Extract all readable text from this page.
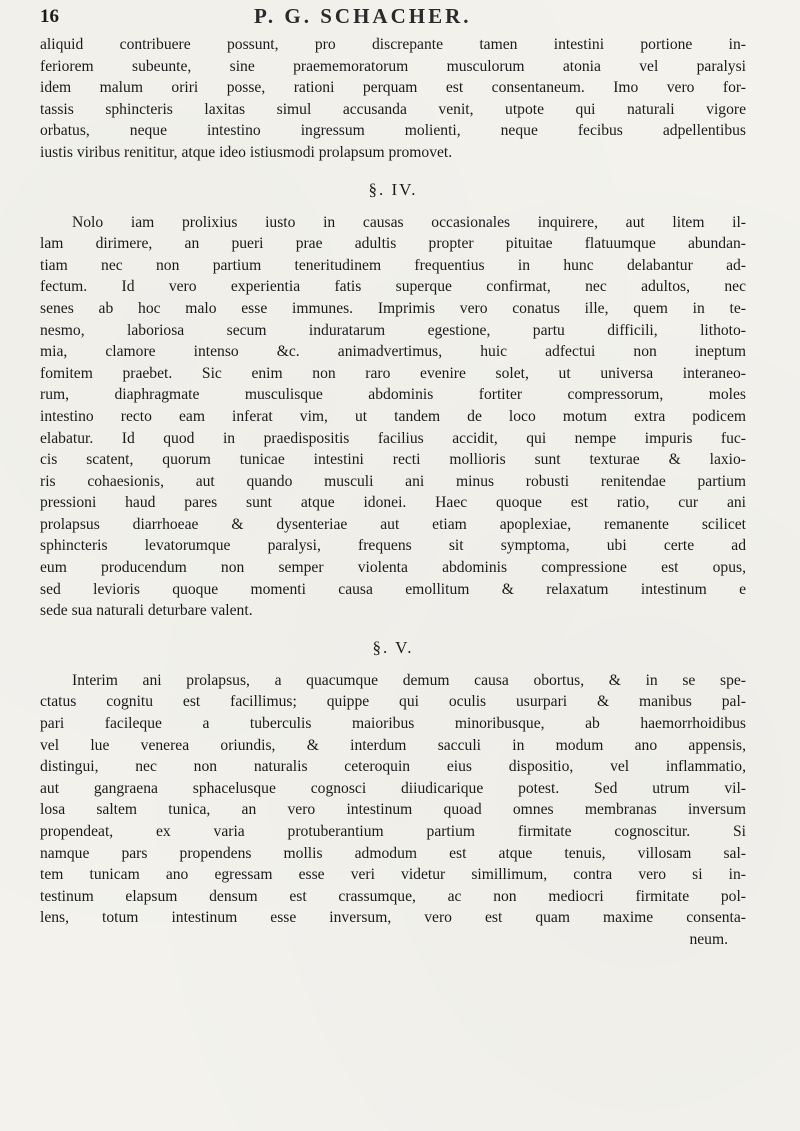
16	P. G. SCHACHER.
aliquid contribuere possunt, pro discrepante tamen intestini portione in-
feriorem subeunte, sine praememoratorum musculorum atonia vel paralysi
idem malum oriri posse, rationi perquam est consentaneum. Imo vero for-
tassis sphincteris laxitas simul accusanda venit, utpote qui naturali vigore
orbatus, neque intestino ingressum molienti, neque fecibus adpellentibus
iustis viribus renititur, atque ideo istiusmodi prolapsum promovet.
§. IV.
Nolo iam prolixius iusto in causas occasionales inquirere, aut litem il-
lam dirimere, an pueri prae adultis propter pituitae flatuumque abundan-
tiam nec non partium teneritudinem frequentius in hunc delabantur ad-
fectum. Id vero experientia fatis superque confirmat, nec adultos, nec
senes ab hoc malo esse immunes. Imprimis vero conatus ille, quem in te-
nesmo, laboriosa secum induratarum egestione, partu difficili, lithoto-
mia, clamore intenso &c. animadvertimus, huic adfectui non ineptum
fomitem praebet. Sic enim non raro evenire solet, ut universa interaneo-
rum, diaphragmate musculisque abdominis fortiter compressorum, moles
intestino recto eam inferat vim, ut tandem de loco motum extra podicem
elabatur. Id quod in praedispositis facilius accidit, qui nempe impuris fuc-
cis scatent, quorum tunicae intestini recti mollioris sunt texturae & laxio-
ris cohaesionis, aut quando musculi ani minus robusti renitendae partium
pressioni haud pares sunt atque idonei. Haec quoque est ratio, cur ani
prolapsus diarrhoeae & dysenteriae aut etiam apoplexiae, remanente scilicet
sphincteris levatorumque paralysi, frequens sit symptoma, ubi certe ad
eum producendum non semper violenta abdominis compressione est opus,
sed levioris quoque momenti causa emollitum & relaxatum intestinum e
sede sua naturali deturbare valent.
§. V.
Interim ani prolapsus, a quacumque demum causa obortus, & in se spe-
ctatus cognitu est facillimus; quippe qui oculis usurpari & manibus pal-
pari facileque a tuberculis maioribus minoribusque, ab haemorrhoidibus
vel lue venerea oriundis, & interdum sacculi in modum ano appensis,
distingui, nec non naturalis ceteroquin eius dispositio, vel inflammatio,
aut gangraena sphacelusque cognosci diiudicarique potest. Sed utrum vil-
losa saltem tunica, an vero intestinum quoad omnes membranas inversum
propendeat, ex varia protuberantium partium firmitate cognoscitur. Si
namque pars propendens mollis admodum est atque tenuis, villosam sal-
tem tunicam ano egressam esse veri videtur simillimum, contra vero si in-
testinum elapsum densum est crassumque, ac non mediocri firmitate pol-
lens, totum intestinum esse inversum, vero est quam maxime consenta-
neum.
